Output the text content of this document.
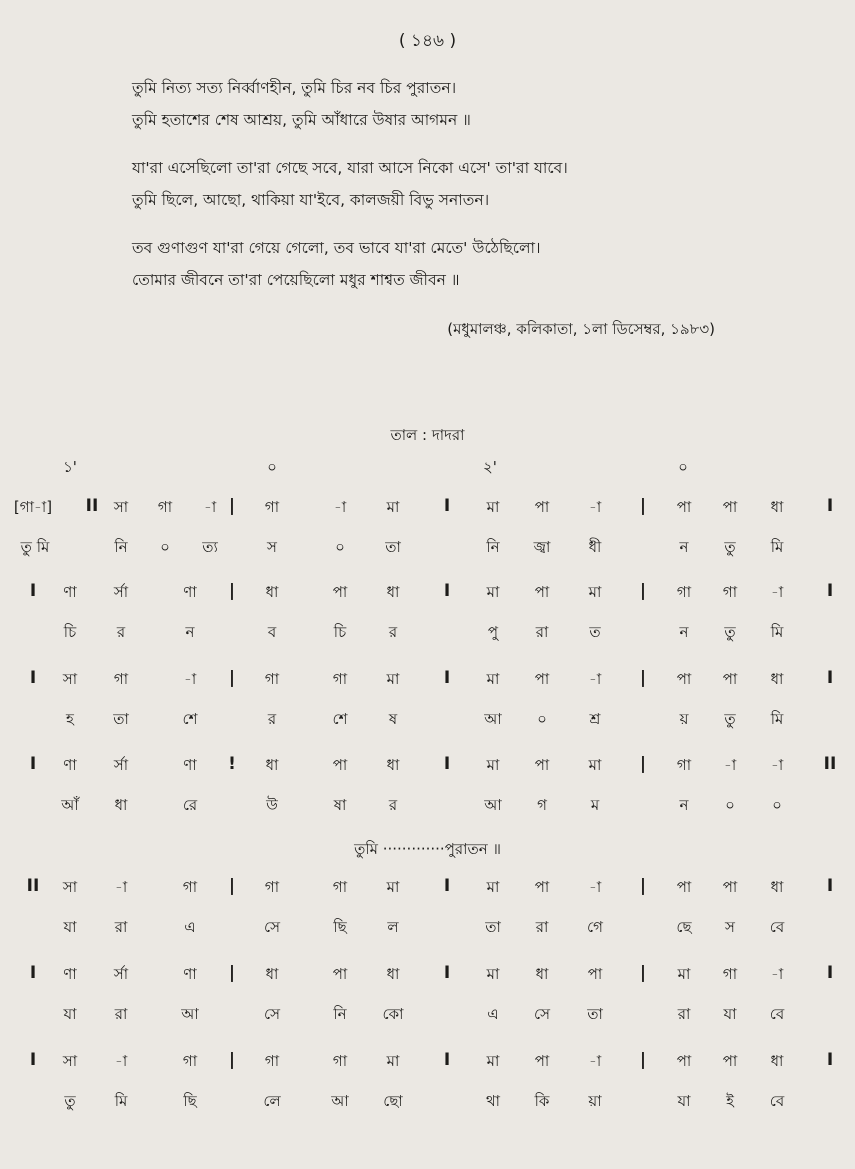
( ১৪৬ )
তুমি নিত্য সত্য নিৰ্ব্বাণহীন, তুমি চির নব চির পুরাতন।
তুমি হতাশের শেষ আশ্রয়, তুমি আঁধারে উষার আগমন ॥
যা'রা এসেছিলো তা'রা গেছে সবে, যারা আসে নিকো এসে' তা'রা যাবে।
তুমি ছিলে, আছো, থাকিয়া যা'ইবে, কালজয়ী বিভু সনাতন।
তব গুণাগুণ যা'রা গেয়ে গেলো, তব ভাবে যা'রা মেতে' উঠেছিলো।
তোমার জীবনে তা'রা পেয়েছিলো মধুর শাশ্বত জীবন ॥
(মধুমালঞ্চ, কলিকাতা, ১লা ডিসেম্বর, ১৯৮৩)
তাল : দাদরা
১'	০	২'	০
[গা-া] II সা গা -া | গা	-া	মা	I মা পা	-া | পা পা ধা	I
তু মি	নি ০ ত্য	স	০	তা	নি জ্বা	ধী	ন তু মি
I ণা র্সা	ণা | ধা	পা	ধা	I মা পা	মা | গা গা -া	I
চি	র	ন	ব	চি	র	পু	রা	ত	ন তু মি
I সা গা	-া | গা	গা	মা	I মা পা	-া | পা পা ধা	I
হ	তা	শে	র	শে	ষ	আ ০	শ্র	য় তু মি
I ণা র্সা	ণা ! ধা	পা	ধা	I মা পা	মা | গা -া -া II
আঁ ধা	রে	উ	ষা	র	আ গ	ম	ন ০ ০
II সা	-া	গা | গা	গা	মা	I মা পা	-া | পা পা ধা	I
যা	রা	এ	সে	ছি	ল	তা রা	গে	ছে স বে
I ণা র্সা	ণা | ধা	পা	ধা	I মা ধা	পা | মা গা -া	I
যা	রা	আ	সে	নি কো	এ সে তা	রা যা বে
I সা	-া	গা | গা	গা	মা	I মা পা	-া | পা পা ধা	I
তু	মি	ছি	লে	আ ছো	থা কি	য়া	যা ই বে
তুমি ·············পুরাতন ॥
